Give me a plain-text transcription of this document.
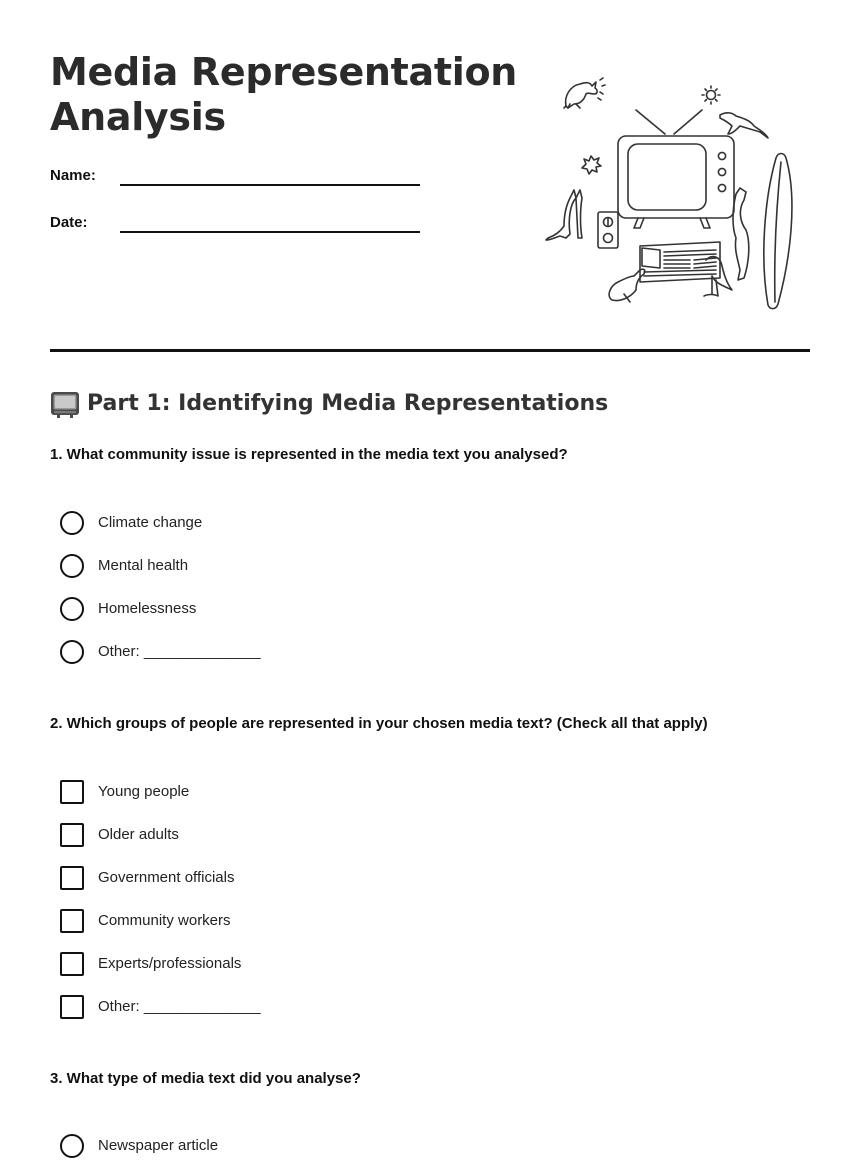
Media Representation
Analysis
Name:
Date:
Part 1: Identifying Media Representations

1. What community issue is represented in the media text you analysed?

Climate change
Mental health
Homelessness
Other: ______________

2. Which groups of people are represented in your chosen media text? (Check all that apply)

Young people
Older adults
Government officials
Community workers
Experts/professionals
Other: ______________

3. What type of media text did you analyse?

Newspaper article
